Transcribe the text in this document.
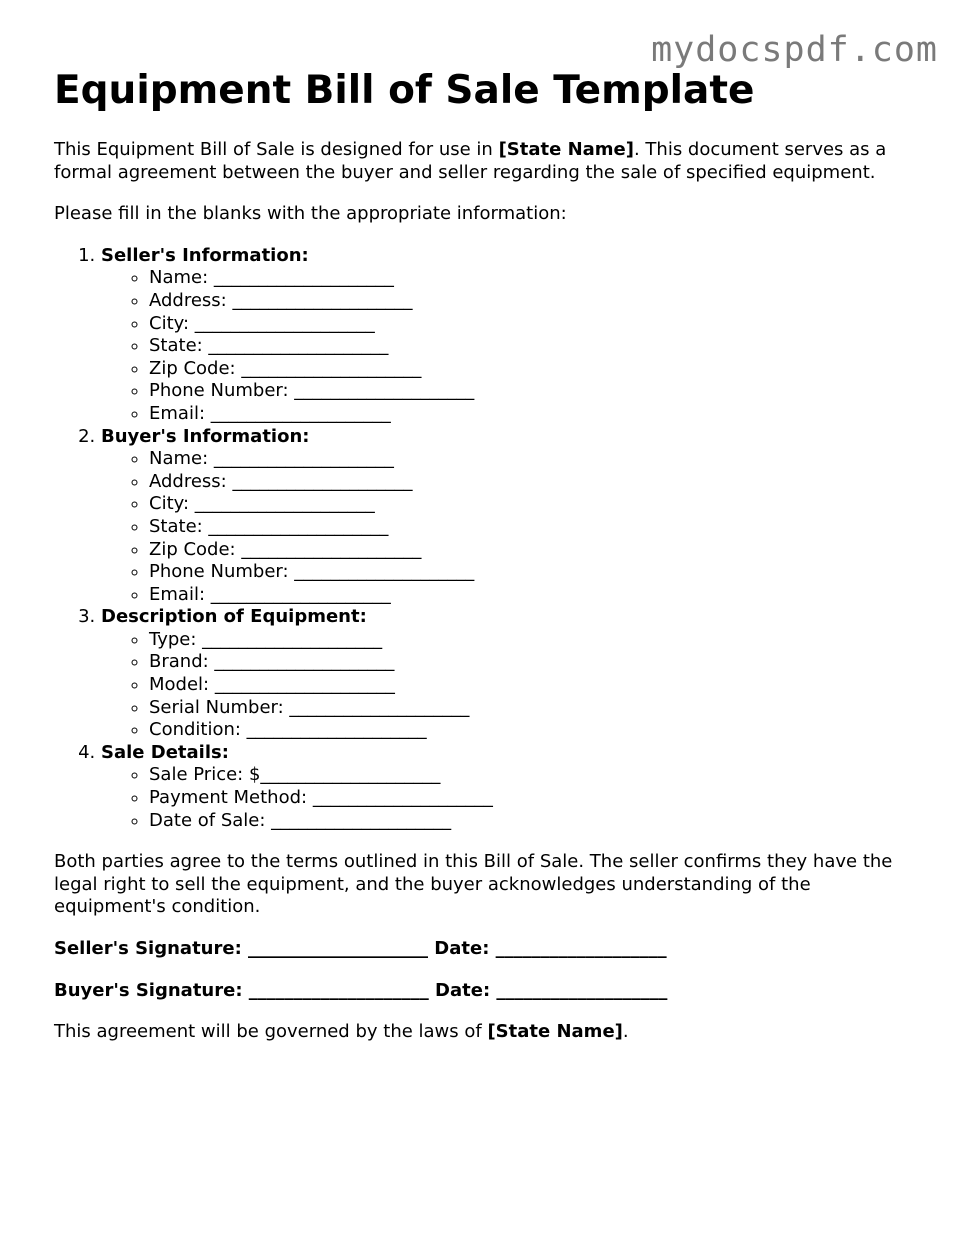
mydocspdf.com
Equipment Bill of Sale Template

This Equipment Bill of Sale is designed for use in [State Name]. This document serves as a formal agreement between the buyer and seller regarding the sale of specified equipment.

Please fill in the blanks with the appropriate information:

1. Seller's Information:
◦ Name: ____________________
◦ Address: ____________________
◦ City: ____________________
◦ State: ____________________
◦ Zip Code: ____________________
◦ Phone Number: ____________________
◦ Email: ____________________
2. Buyer's Information:
◦ Name: ____________________
◦ Address: ____________________
◦ City: ____________________
◦ State: ____________________
◦ Zip Code: ____________________
◦ Phone Number: ____________________
◦ Email: ____________________
3. Description of Equipment:
◦ Type: ____________________
◦ Brand: ____________________
◦ Model: ____________________
◦ Serial Number: ____________________
◦ Condition: ____________________
4. Sale Details:
◦ Sale Price: $____________________
◦ Payment Method: ____________________
◦ Date of Sale: ____________________

Both parties agree to the terms outlined in this Bill of Sale. The seller confirms they have the legal right to sell the equipment, and the buyer acknowledges understanding of the equipment's condition.

Seller's Signature: ____________________ Date: ___________________

Buyer's Signature: ____________________ Date: ___________________

This agreement will be governed by the laws of [State Name].
